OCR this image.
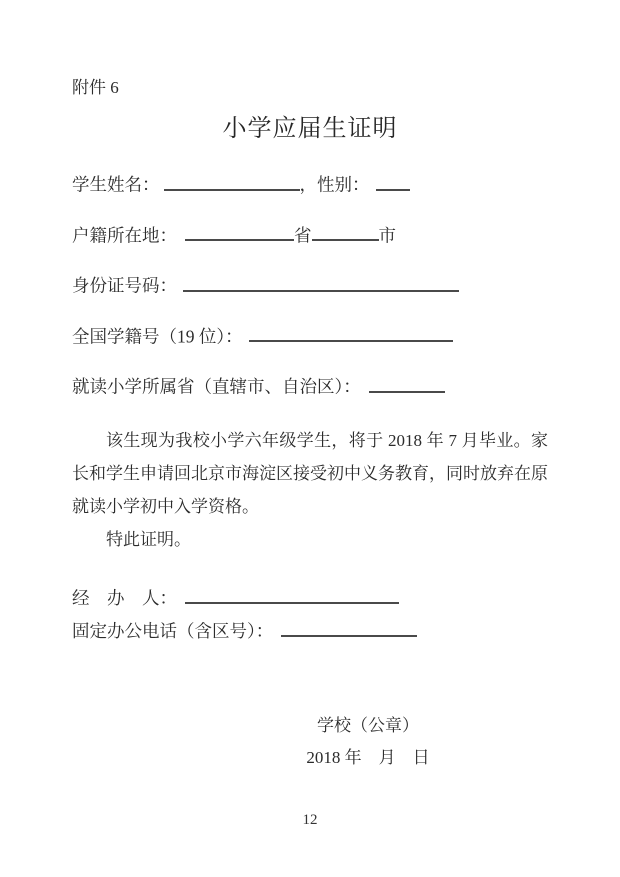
附件 6
小学应届生证明
学生姓名：	，性别：
户籍所在地：	省	市
身份证号码：
全国学籍号（19 位）：
就读小学所属省（直辖市、自治区）：

该生现为我校小学六年级学生，将于 2018 年 7 月毕业。家长和学生申请回北京市海淀区接受初中义务教育，同时放弃在原就读小学初中入学资格。

特此证明。

经　办　人：
固定办公电话（含区号）：
学校（公章）
2018 年　月　日
12
